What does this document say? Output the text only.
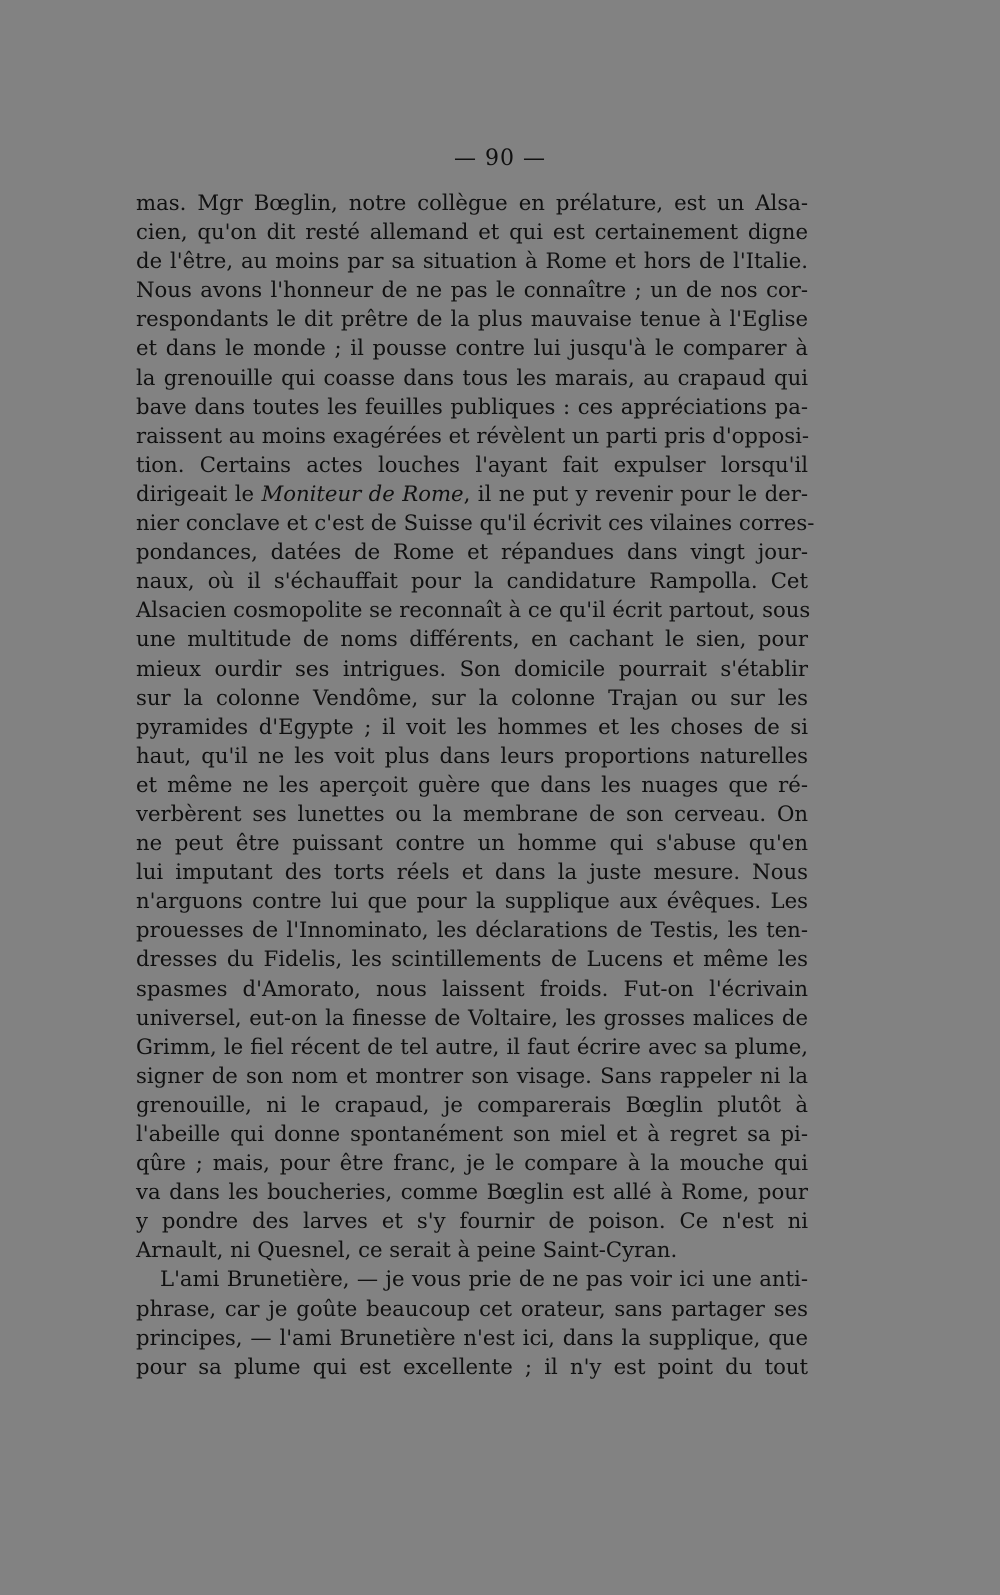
— 90 —
mas. Mgr Bœglin, notre collègue en prélature, est un Alsa-
cien, qu'on dit resté allemand et qui est certainement digne
de l'être, au moins par sa situation à Rome et hors de l'Italie.
Nous avons l'honneur de ne pas le connaître ; un de nos cor-
respondants le dit prêtre de la plus mauvaise tenue à l'Eglise
et dans le monde ; il pousse contre lui jusqu'à le comparer à
la grenouille qui coasse dans tous les marais, au crapaud qui
bave dans toutes les feuilles publiques : ces appréciations pa-
raissent au moins exagérées et révèlent un parti pris d'opposi-
tion. Certains actes louches l'ayant fait expulser lorsqu'il
dirigeait le Moniteur de Rome, il ne put y revenir pour le der-
nier conclave et c'est de Suisse qu'il écrivit ces vilaines corres-
pondances, datées de Rome et répandues dans vingt jour-
naux, où il s'échauffait pour la candidature Rampolla. Cet
Alsacien cosmopolite se reconnaît à ce qu'il écrit partout, sous
une multitude de noms différents, en cachant le sien, pour
mieux ourdir ses intrigues. Son domicile pourrait s'établir
sur la colonne Vendôme, sur la colonne Trajan ou sur les
pyramides d'Egypte ; il voit les hommes et les choses de si
haut, qu'il ne les voit plus dans leurs proportions naturelles
et même ne les aperçoit guère que dans les nuages que ré-
verbèrent ses lunettes ou la membrane de son cerveau. On
ne peut être puissant contre un homme qui s'abuse qu'en
lui imputant des torts réels et dans la juste mesure. Nous
n'arguons contre lui que pour la supplique aux évêques. Les
prouesses de l'Innominato, les déclarations de Testis, les ten-
dresses du Fidelis, les scintillements de Lucens et même les
spasmes d'Amorato, nous laissent froids. Fut-on l'écrivain
universel, eut-on la finesse de Voltaire, les grosses malices de
Grimm, le fiel récent de tel autre, il faut écrire avec sa plume,
signer de son nom et montrer son visage. Sans rappeler ni la
grenouille, ni le crapaud, je comparerais Bœglin plutôt à
l'abeille qui donne spontanément son miel et à regret sa pi-
qûre ; mais, pour être franc, je le compare à la mouche qui
va dans les boucheries, comme Bœglin est allé à Rome, pour
y pondre des larves et s'y fournir de poison. Ce n'est ni
Arnault, ni Quesnel, ce serait à peine Saint-Cyran.
L'ami Brunetière, — je vous prie de ne pas voir ici une anti-
phrase, car je goûte beaucoup cet orateur, sans partager ses
principes, — l'ami Brunetière n'est ici, dans la supplique, que
pour sa plume qui est excellente ; il n'y est point du tout
